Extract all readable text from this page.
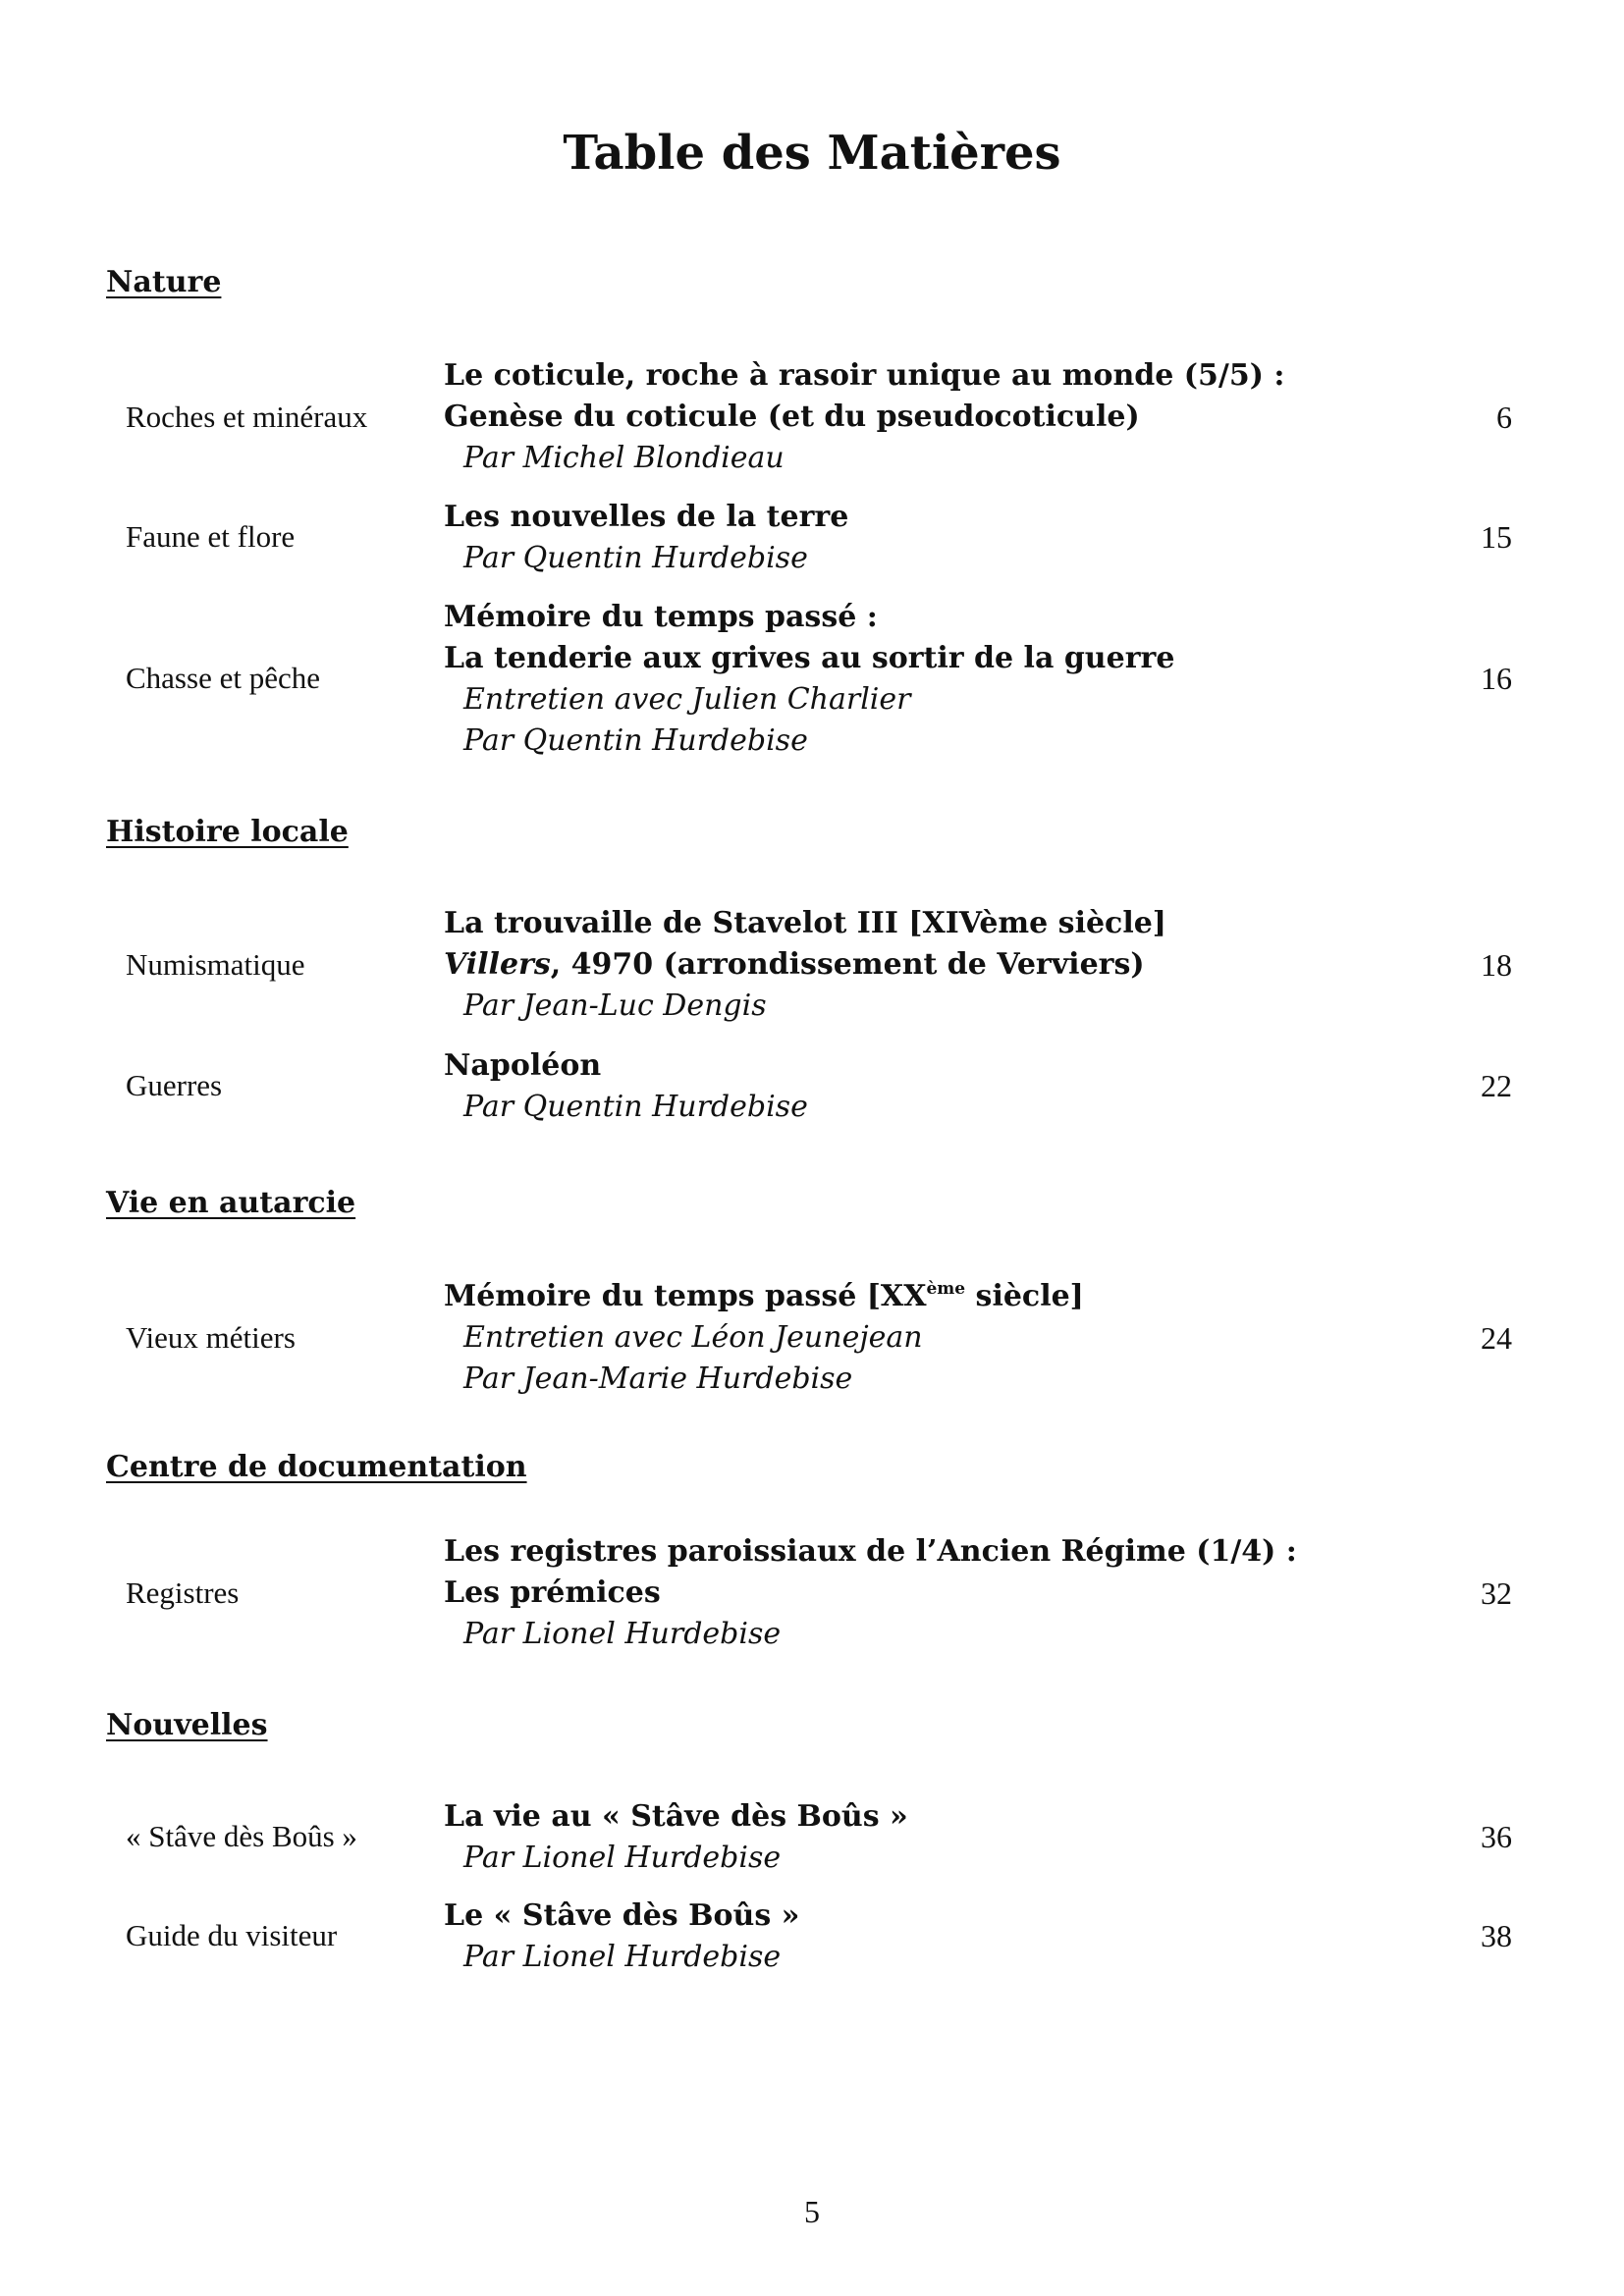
Table des Matières
Nature
Roches et minéraux
Le coticule, roche à rasoir unique au monde (5/5) :
Genèse du coticule (et du pseudocoticule)
Par Michel Blondieau
6
Faune et flore
Les nouvelles de la terre
Par Quentin Hurdebise
15
Chasse et pêche
Mémoire du temps passé :
La tenderie aux grives au sortir de la guerre
Entretien avec Julien Charlier
Par Quentin Hurdebise
16
Histoire locale
Numismatique
La trouvaille de Stavelot III [XIVème siècle]
Villers, 4970 (arrondissement de Verviers)
Par Jean-Luc Dengis
18
Guerres
Napoléon
Par Quentin Hurdebise
22
Vie en autarcie
Vieux métiers
Mémoire du temps passé [XXème siècle]
Entretien avec Léon Jeunejean
Par Jean-Marie Hurdebise
24
Centre de documentation
Registres
Les registres paroissiaux de l’Ancien Régime (1/4) :
Les prémices
Par Lionel Hurdebise
32
Nouvelles
« Stâve dès Boûs »
La vie au « Stâve dès Boûs »
Par Lionel Hurdebise
36
Guide du visiteur
Le « Stâve dès Boûs »
Par Lionel Hurdebise
38
5
